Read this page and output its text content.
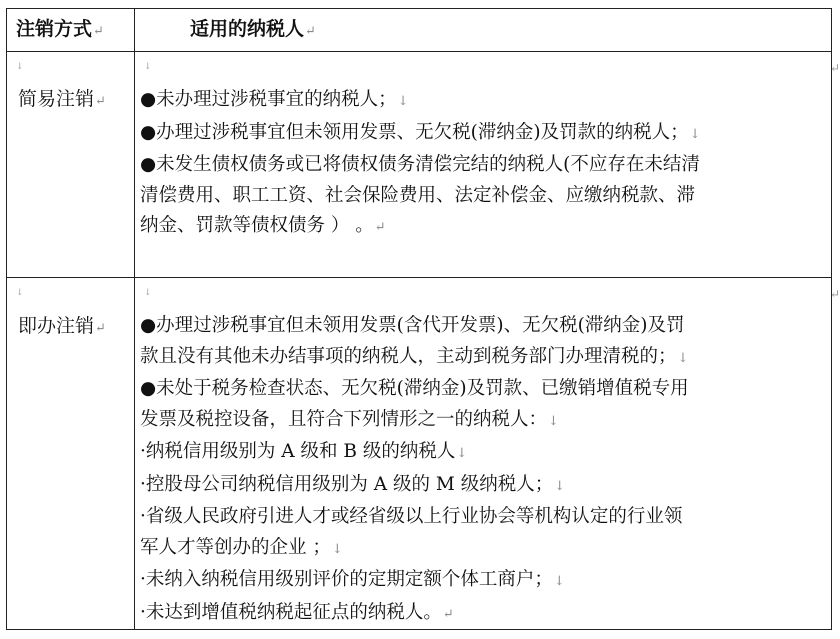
注销方式↵	适用的纳税人↵
↓	↓	↵
简易注销↵ ●未办理过涉税事宜的纳税人；↓
●办理过涉税事宜但未领用发票、无欠税(滞纳金)及罚款的纳税人；↓
●未发生债权债务或已将债权债务清偿完结的纳税人(不应存在未结清
清偿费用、职工工资、社会保险费用、法定补偿金、应缴纳税款、滞
纳金、罚款等债权债务 ） 。↵
↓	↓	↵
即办注销↵ ●办理过涉税事宜但未领用发票(含代开发票)、无欠税(滞纳金)及罚
款且没有其他未办结事项的纳税人，主动到税务部门办理清税的；↓
●未处于税务检查状态、无欠税(滞纳金)及罚款、已缴销增值税专用
发票及税控设备，且符合下列情形之一的纳税人：↓
·纳税信用级别为 A 级和 B 级的纳税人↓
·控股母公司纳税信用级别为 A 级的 M 级纳税人；↓
·省级人民政府引进人才或经省级以上行业协会等机构认定的行业领
军人才等创办的企业 ；↓
·未纳入纳税信用级别评价的定期定额个体工商户；↓
·未达到增值税纳税起征点的纳税人。↵
